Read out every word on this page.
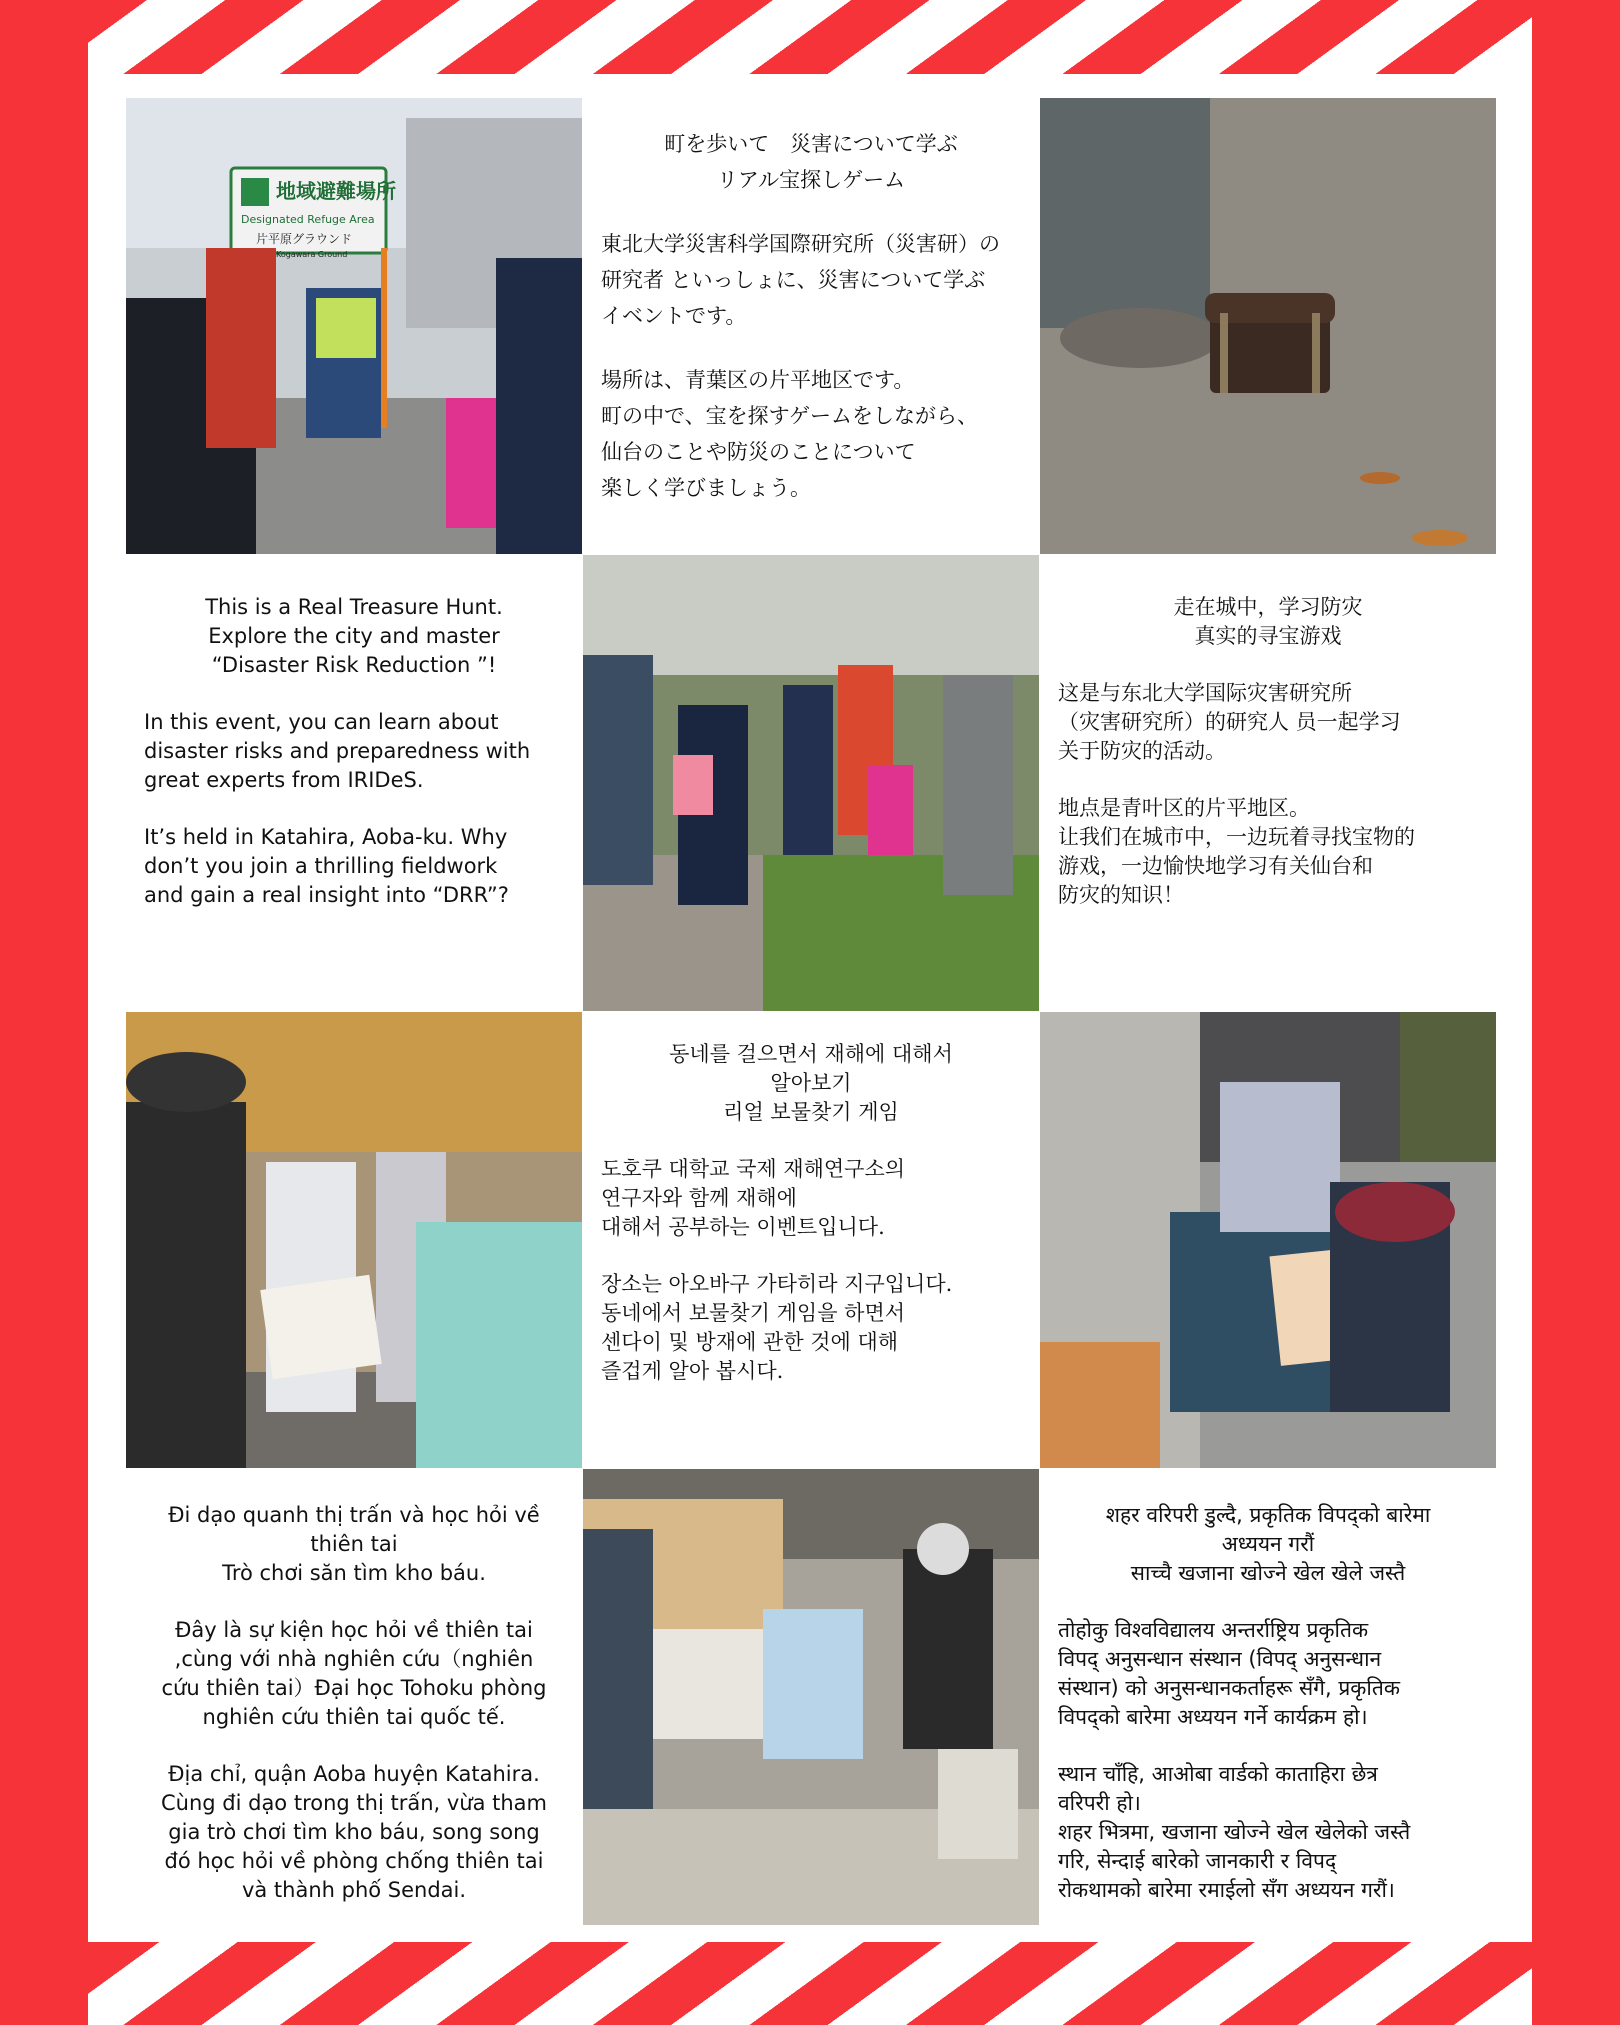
地域避難場所
Designated Refuge Area
片平原グラウンド
Kogawara Ground

町を歩いて　災害について学ぶ

リアル宝探しゲーム

東北大学災害科学国際研究所（災害研）の
研究者 といっしょに、災害について学ぶ
イベントです。

場所は、青葉区の片平地区です。
町の中で、宝を探すゲームをしながら、
仙台のことや防災のことについて
楽しく学びましょう。

This is a Real Treasure Hunt.
Explore the city and master
“Disaster Risk Reduction ”!

In this event, you can learn about
disaster risks and preparedness with
great experts from IRIDeS.

It’s held in Katahira, Aoba-ku. Why
don’t you join a thrilling fieldwork
and gain a real insight into “DRR”?

走在城中，学习防灾
真实的寻宝游戏

这是与东北大学国际灾害研究所
（灾害研究所）的研究人 员一起学习
关于防灾的活动。

地点是青叶区的片平地区。
让我们在城市中，一边玩着寻找宝物的
游戏，一边愉快地学习有关仙台和
防灾的知识！

동네를 걸으면서 재해에 대해서
알아보기
리얼 보물찾기 게임

도호쿠 대학교 국제 재해연구소의
연구자와 함께 재해에
대해서 공부하는 이벤트입니다.

장소는 아오바구 가타히라 지구입니다.
동네에서 보물찾기 게임을 하면서
센다이 및 방재에 관한 것에 대해
즐겁게 알아 봅시다.

Đi dạo quanh thị trấn và học hỏi về
thiên tai
Trò chơi săn tìm kho báu.

Đây là sự kiện học hỏi về thiên tai
,cùng với nhà nghiên cứu（nghiên
cứu thiên tai）Đại học Tohoku phòng
nghiên cứu thiên tai quốc tế.

Địa chỉ, quận Aoba huyện Katahira.
Cùng đi dạo trong thị trấn, vừa tham
gia trò chơi tìm kho báu, song song
đó học hỏi về phòng chống thiên tai
và thành phố Sendai.

शहर वरिपरी डुल्दै, प्रकृतिक विपद्को बारेमा
अध्ययन गरौं
साच्चै खजाना खोज्ने खेल खेले जस्तै

तोहोकु विश्वविद्यालय अन्तर्राष्ट्रिय प्रकृतिक
विपद् अनुसन्धान संस्थान (विपद् अनुसन्धान
संस्थान) को अनुसन्धानकर्ताहरू सँगै, प्रकृतिक
विपद्को बारेमा अध्ययन गर्ने कार्यक्रम हो।

स्थान चाँहि, आओबा वार्डको काताहिरा छेत्र
वरिपरी हो।
शहर भित्रमा, खजाना खोज्ने खेल खेलेको जस्तै
गरि, सेन्दाई बारेको जानकारी र विपद्
रोकथामको बारेमा रमाईलो सँग अध्ययन गरौं।
